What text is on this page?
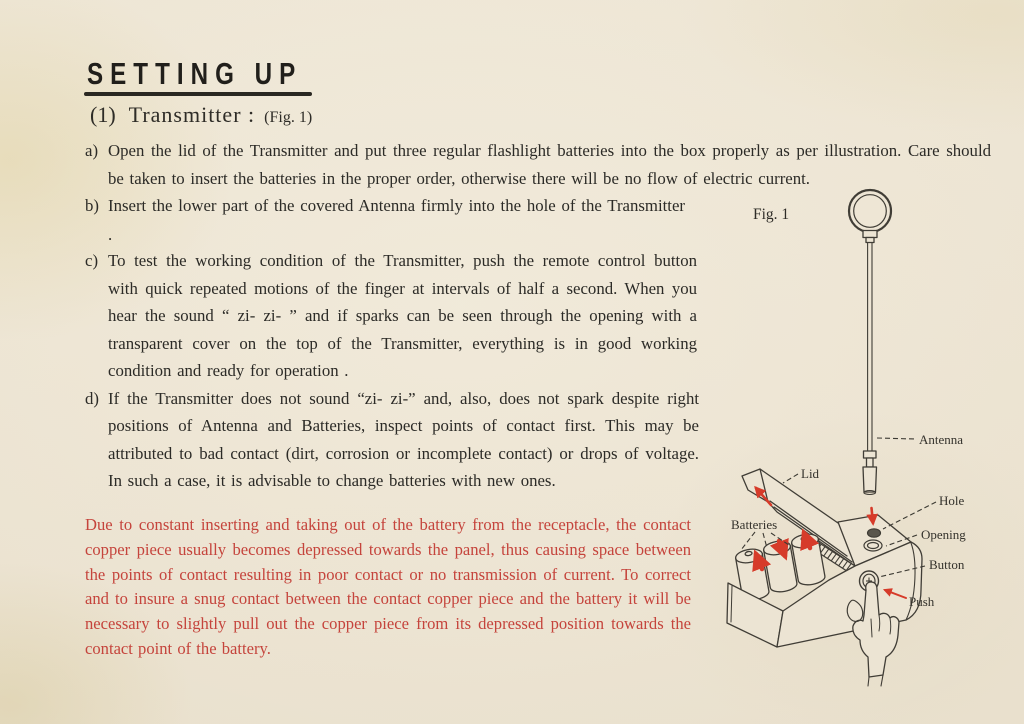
SETTING UP
(1) Transmitter : (Fig. 1)
a) Open the lid of the Transmitter and put three regular flashlight batteries into the box properly as per illustration. Care should be taken to insert the batteries in the proper order, otherwise there will be no flow of electric current.
b) Insert the lower part of the covered Antenna firmly into the hole of the Transmitter .
c) To test the working condition of the Transmitter, push the remote control button with quick repeated motions of the finger at intervals of half a second. When you hear the sound “ zi- zi- ” and if sparks can be seen through the opening with a transparent cover on the top of the Transmitter, everything is in good working condition and ready for operation .
d) If the Transmitter does not sound “zi- zi-” and, also, does not spark despite right positions of Antenna and Batteries, inspect points of contact first. This may be attributed to bad contact (dirt, corrosion or incomplete contact) or drops of voltage. In such a case, it is advisable to change batteries with new ones.
Due to constant inserting and taking out of the battery from the receptacle, the contact copper piece usually becomes depressed towards the panel, thus causing space between the points of contact resulting in poor contact or no transmission of current. To correct and to insure a snug contact between the contact copper piece and the battery it will be necessary to slightly pull out the copper piece from its depressed position towards the contact point of the battery.
Fig. 1
Antenna
Lid
Hole
Batteries
Opening
Button
Push
